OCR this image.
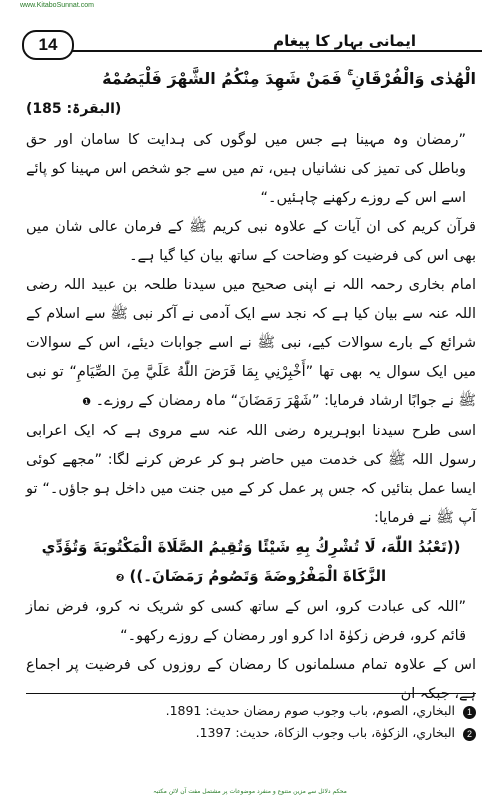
www.KitaboSunnat.com
14	ایمانی بہار کا پیغام

الْهُدٰى وَالْفُرْقَانِ ۚ فَمَنْ شَهِدَ مِنْكُمُ الشَّهْرَ فَلْيَصُمْهُ

(البقرۃ: 185)

”رمضان وہ مہینا ہے جس میں لوگوں کی ہدایت کا سامان اور حق وباطل کی تمیز کی نشانیاں ہیں، تم میں سے جو شخص اس مہینا کو پائے اسے اس کے روزے رکھنے چاہئیں۔“

قرآن کریم کی ان آیات کے علاوہ نبی کریم ﷺ کے فرمان عالی شان میں بھی اس کی فرضیت کو وضاحت کے ساتھ بیان کیا گیا ہے۔

امام بخاری رحمہ اللہ نے اپنی صحیح میں سیدنا طلحہ بن عبید اللہ رضی اللہ عنہ سے بیان کیا ہے کہ نجد سے ایک آدمی نے آکر نبی ﷺ سے اسلام کے شرائع کے بارے سوالات کیے، نبی ﷺ نے اسے جوابات دیئے، اس کے سوالات میں ایک سوال یہ بھی تھا ”أَخْبِرْنِي بِمَا فَرَضَ اللّٰهُ عَلَيَّ مِنَ الصِّيَامِ“ تو نبی ﷺ نے جوابًا ارشاد فرمایا: ”شَهْرَ رَمَضَانَ“ ماہ رمضان کے روزے۔ ❶

اسی طرح سیدنا ابوہریرہ رضی اللہ عنہ سے مروی ہے کہ ایک اعرابی رسول اللہ ﷺ کی خدمت میں حاضر ہو کر عرض کرنے لگا: ”مجھے کوئی ایسا عمل بتائیں کہ جس پر عمل کر کے میں جنت میں داخل ہو جاؤں۔“ تو آپ ﷺ نے فرمایا:

((تَعْبُدُ اللّٰهَ، لَا تُشْرِكُ بِهِ شَيْئًا وَتُقِيمُ الصَّلَاةَ الْمَكْتُوبَةَ وَتُؤَدِّي الزَّكَاةَ الْمَفْرُوضَةَ وَتَصُومُ رَمَضَانَ۔)) ❷

”اللہ کی عبادت کرو، اس کے ساتھ کسی کو شریک نہ کرو، فرض نماز قائم کرو، فرض زکوٰۃ ادا کرو اور رمضان کے روزے رکھو۔“

اس کے علاوہ تمام مسلمانوں کا رمضان کے روزوں کی فرضیت پر اجماع ہے، جبکہ ان

1 البخاري، الصوم، باب وجوب صوم رمضان حديث: 1891.
2 البخاري، الزكوٰة، باب وجوب الزكاة، حديث: 1397.
محکم دلائل سے مزین متنوع و منفرد موضوعات پر مشتمل مفت آن لائن مکتبہ
